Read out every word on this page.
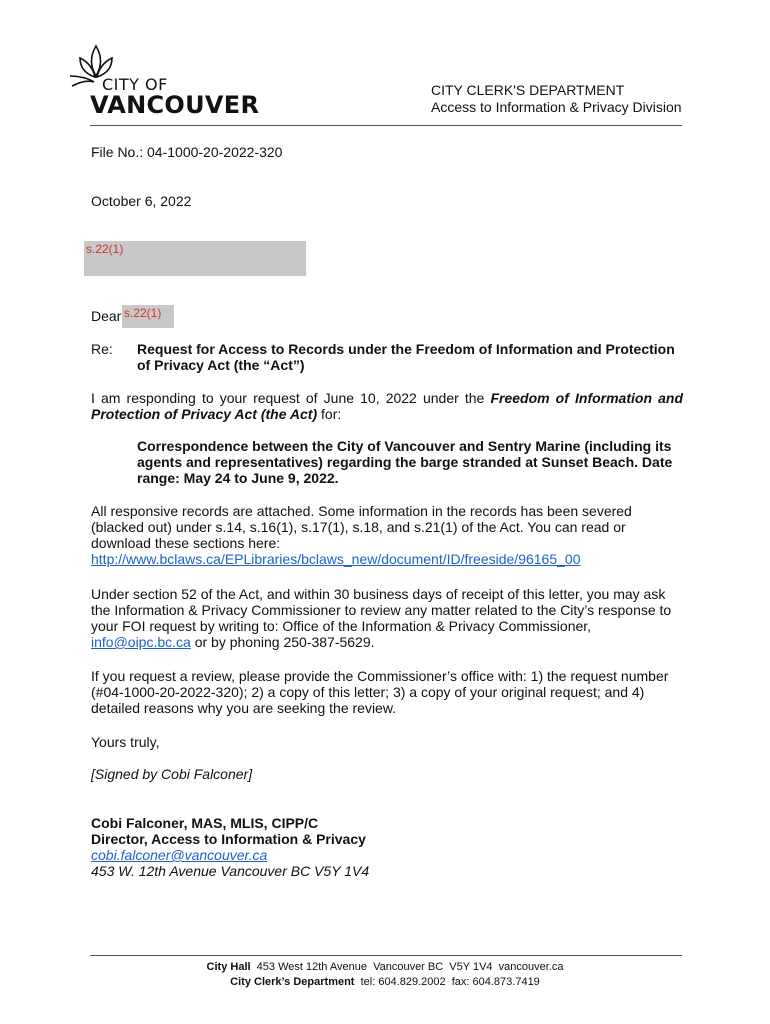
CITY OF
VANCOUVER
CITY CLERK'S DEPARTMENT
Access to Information & Privacy Division
File No.: 04-1000-20-2022-320
October 6, 2022
s.22(1)
Dear s.22(1)
Re: Request for Access to Records under the Freedom of Information and Protection
of Privacy Act (the “Act”)
I am responding to your request of June 10, 2022 under the Freedom of Information and
Protection of Privacy Act (the Act) for:
Correspondence between the City of Vancouver and Sentry Marine (including its
agents and representatives) regarding the barge stranded at Sunset Beach. Date
range: May 24 to June 9, 2022.
All responsive records are attached. Some information in the records has been severed
(blacked out) under s.14, s.16(1), s.17(1), s.18, and s.21(1) of the Act. You can read or
download these sections here:
http://www.bclaws.ca/EPLibraries/bclaws_new/document/ID/freeside/96165_00
Under section 52 of the Act, and within 30 business days of receipt of this letter, you may ask
the Information & Privacy Commissioner to review any matter related to the City’s response to
your FOI request by writing to: Office of the Information & Privacy Commissioner,
info@oipc.bc.ca or by phoning 250-387-5629.
If you request a review, please provide the Commissioner’s office with: 1) the request number
(#04-1000-20-2022-320); 2) a copy of this letter; 3) a copy of your original request; and 4)
detailed reasons why you are seeking the review.
Yours truly,
[Signed by Cobi Falconer]
Cobi Falconer, MAS, MLIS, CIPP/C
Director, Access to Information & Privacy
cobi.falconer@vancouver.ca
453 W. 12th Avenue Vancouver BC V5Y 1V4
City Hall  453 West 12th Avenue  Vancouver BC  V5Y 1V4  vancouver.ca
City Clerk’s Department  tel: 604.829.2002  fax: 604.873.7419
